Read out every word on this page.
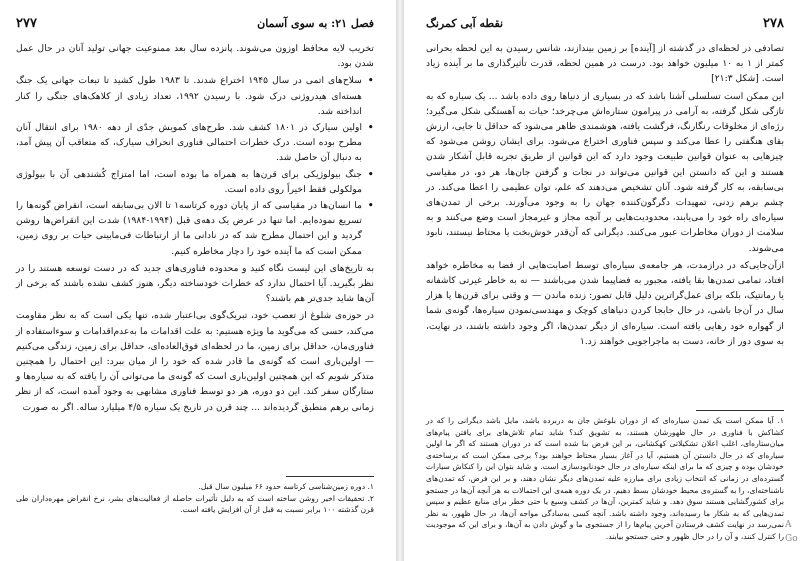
فصل ۲۱: به سوی آسمان
۲۷۷

تخریب لایه محافظ اوزون می‌شوند. پانزده سال بعد ممنوعیت جهانی تولید آنان در حال عمل شدن بود.

• سلاح‌های اتمی در سال ۱۹۴۵ اختراع شدند. تا ۱۹۸۳ طول کشید تا تبعات جهانی یک جنگ هسته‌ای هیدروژنی درک شود. با رسیدن ۱۹۹۲، تعداد زیادی از کلاهک‌های جنگی را کنار انداخته شد.
• اولین سیارک در ۱۸۰۱ کشف شد. طرح‌های کمویش جدّی از دهه ۱۹۸۰ برای انتقال آنان مطرح بوده است. درک خطرات احتمالی فناوری انحراف سیارک، که متعاقب آن پیش آمد، به دنبال آن حاصل شد.
• جنگ بیولوژیکی برای قرن‌ها به همراه ما بوده است، اما امتزاج کُشندهی آن با بیولوژی مولکولی فقط اخیراً روی داده است.
• ما انسان‌ها در مقیاسی که از پایان دوره کرتاسه۱ تا الان بی‌سابقه است، انقراض گونه‌ها را تسریع نموده‌ایم. اما تنها در عرض یک دهه‌ی قبل (۱۹۹۴-۱۹۸۴) شدت این انقراض‌ها روشن گردید و این احتمال مطرح شد که در نادانی ما از ارتباطات فی‌مابینی حیات بر روی زمین، ممکن است که ما آینده‌ خود را دچار مخاطره کنیم.

به تاریخ‌های این لیست نگاه کنید و محدوده فناوری‌های جدید که در دست توسعه هستند را در نظر بگیرید. آیا احتمال ندارد که خطرات خودساخته دیگر، هنوز کشف نشده باشند که برخی از آن‌ها شاید جدی‌تر هم باشند؟

در حوزه‌ی شلوغ از تعصب خود، تبریک‌گوی بی‌اعتبار شده، تنها یکی است که به نظر مقاومت می‌کند، حسی که می‌گوید ما ویژه هستیم: به علت اقدامات ما به‌عدم‌اقدامات و سوءاستفاده از فناوری‌مان، حداقل برای زمین، ما در لحظه‌ای فوق‌العاده‌ای، حداقل برای زمین، زندگی می‌کنیم — اولین‌باری است که گونه‌ی ما قادر شده که خود را از میان ببرد: این احتمال را همچنین متذکر شویم که این همچنین اولین‌باری است که گونه‌ی ما می‌توانی آن را یافته که به سیاره‌ها و ستارگان سفر کند. این دو دوره، هر دو توسط فناوری مشابهی به وجود آمده است، که از نظر زمانی برهم منطبق گردیده‌اند ... چند قرن در تاریخ یک سیاره ۴/۵ میلیارد ساله. اگر به صورت

۱. دوره زمین‌شناسی کرتاسه حدود ۶۶ میلیون سال قبل.

۲. تحقیقات اخیر روشن ساخته است که به دلیل تأثیرات حاصله از فعالیت‌های بشر، نرخ انقراض مهره‌داران طی قرن گذشته ۱۰۰ برابر نسبت به قبل از آن افزایش یافته است.

۲۷۸
نقطه آبی کمرنگ

تصادفی در لحظه‌ای در گذشته از [آینده] بر زمین بیندازند، شانس رسیدن به این لحظه بحرانی کمتر از ۱ به ۱۰ میلیون خواهد بود. درست در همین لحظه، قدرت تأثیرگذاری ما بر آینده زیاد است. [شکل ۲۱:۳]

این ممکن است تسلسلی آشنا باشد که در بسیاری از دنیاها روی داده باشد ... یک سیاره که به تازگی شکل گرفته، به آرامی در پیرامون ستاره‌اش می‌چرخد؛ حیات به آهستگی شکل می‌گیرد؛ رژه‌ای از مخلوقات رنگارنگ، فرگشت یافته، هوشمندی ظاهر می‌شود که حداقل تا جایی، ارزش بقای هنگفتی را عطا می‌کند و سپس فناوری اختراع می‌شود. برای ایشان روشن می‌شود که چیزهایی به عنوان قوانین طبیعت وجود دارد که این قوانین از طریق تجربه قابل آشکار شدن هستند و این که دانستن این قوانین می‌تواند در نجات و گرفتن جان‌ها، هر دو، در مقیاسی بی‌سابقه، به کار گرفته شود. آنان تشخیص می‌دهند که علم، توان عظیمی را اعطا می‌کند. در چشم برهم زدنی، تمهیدات دگرگون‌کننده جهان را به وجود می‌آورند. برخی از تمدن‌های سیاره‌ای راه خود را می‌یابند، محدودیت‌هایی بر آنچه مجاز و غیرمجاز است وضع می‌کنند و به سلامت از دوران مخاطرات عبور می‌کنند. دیگرانی که آن‌قدر خوش‌بخت یا محتاط نیستند، نابود می‌شوند.

ازآن‌جایی‌که در درازمدت، هر جامعه‌ی سیاره‌ای توسط اصابت‌هایی از فضا به مخاطره خواهد افتاد، تمامی تمدن‌ها بقا یافته، مجبور به فضاپیما شدن می‌باشند — نه به خاطر غیرتی کاشفانه یا رمانتیک، بلکه برای عمل‌گراترین دلیل قابل تصور: زنده ماندن — و وقتی برای قرن‌ها یا هزار سال در آن‌جا باشی، در حال جابجا کردن دنیاهای کوچک و مهندسی‌نمودن سیاره‌ها، گونه‌ی شما از گهواره خود رهایی یافته است. سیاره‌ای از دیگر تمدن‌ها، اگر وجود داشته باشند، در نهایت، به سوی دور از خانه، دست به ماجراجویی خواهند زد.۱

۱. آیا ممکن است یک تمدن سیاره‌ای که از دوران بلوغش جان به دربرده باشد، مایل باشد دیگرانی را که در کشاکش با فناوری در حال ظهورشان هستند، به تشویق کند؟ شاید تمام تلاش‌های برای یافتن پیام‌های میان‌ستاره‌ای، اغلب اعلان تشکیلاتی کهکشانی، بر این فرض بنا شده است که در دوران هستند که اگر ما اولین سیاره‌ای که در حال دانستن آن هستیم، آیا در آغاز بسیار محتاط خواهند بود؟ برخی ممکن است که برساخته‌ی خودشان بوده و چیزی که ما برای اینکه سیاره‌ای در حال خودنابودسازی است. و شاید بتوان این را کنکاش سیارات گسترده‌ای در زمانی که انتخاب زیادی برای مبارزه علیه تمدن‌های دیگر نشان دهند، و بر این فرض، که تمدن‌های ناشناخته‌ای، را به گستره‌ی محیط خودشان بسط دهیم. در یک دوره همه‌ی این احتمالات به هر آنچه آن‌ها در جستجو برای کشورگشایی هستند سوق دهد. و شاید کمترین، ‌آن‌ها در کشف وسیع یا حتی خطر برای منابع عظیم و سپس تمدن‌هایی که به شکار ما رسیده‌اند، وجود داشته باشد. آنچه کسی به‌سادگی مواجه آن‌ها، در حال ظهور، به نظر نمی‌رسد در نهایت کشف فرستادن آخرین پیام‌ها را از جستجوی ما و گوش دادن به آن‌ها، و برای این که موجودیت را کنترل کنند، و آن را در حال ظهور و حتی جستجو بیابند.

A
Go
